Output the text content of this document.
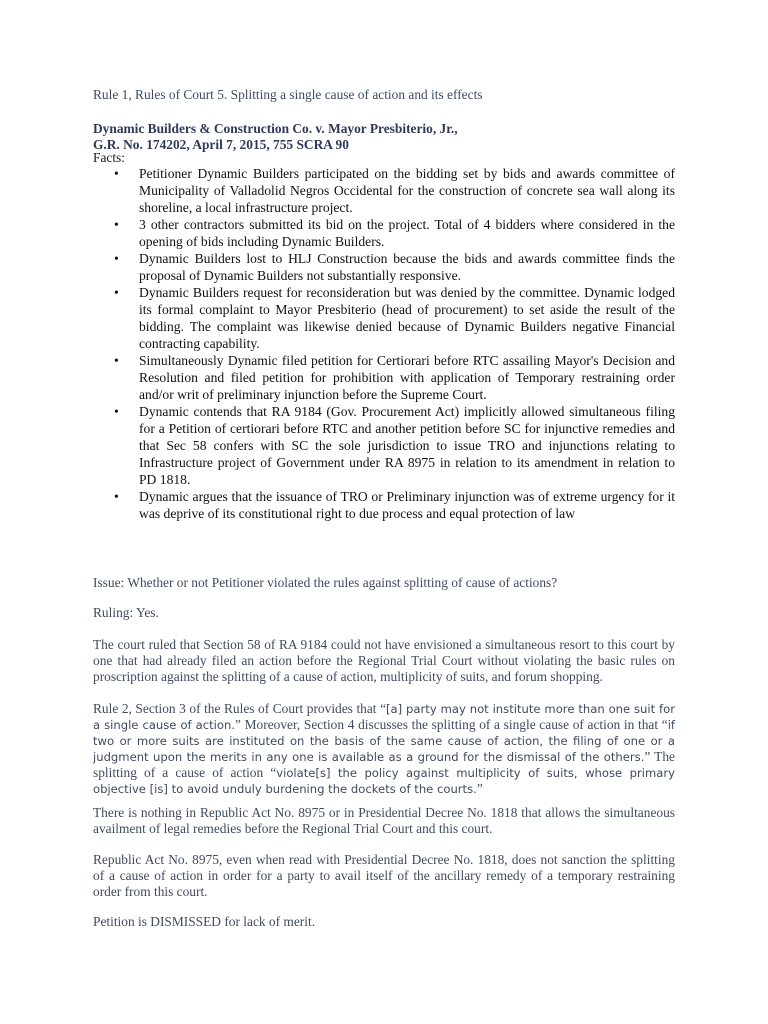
Rule 1, Rules of Court 5. Splitting a single cause of action and its effects

Dynamic Builders & Construction Co. v. Mayor Presbiterio, Jr.,
G.R. No. 174202, April 7, 2015, 755 SCRA 90

Facts:

• Petitioner Dynamic Builders participated on the bidding set by bids and awards committee of Municipality of Valladolid Negros Occidental for the construction of concrete sea wall along its shoreline, a local infrastructure project.
• 3 other contractors submitted its bid on the project. Total of 4 bidders where considered in the opening of bids including Dynamic Builders.
• Dynamic Builders lost to HLJ Construction because the bids and awards committee finds the proposal of Dynamic Builders not substantially responsive.
• Dynamic Builders request for reconsideration but was denied by the committee. Dynamic lodged its formal complaint to Mayor Presbiterio (head of procurement) to set aside the result of the bidding. The complaint was likewise denied because of Dynamic Builders negative Financial contracting capability.
• Simultaneously Dynamic filed petition for Certiorari before RTC assailing Mayor's Decision and Resolution and filed petition for prohibition with application of Temporary restraining order and/or writ of preliminary injunction before the Supreme Court.
• Dynamic contends that RA 9184 (Gov. Procurement Act) implicitly allowed simultaneous filing for a Petition of certiorari before RTC and another petition before SC for injunctive remedies and that Sec 58 confers with SC the sole jurisdiction to issue TRO and injunctions relating to Infrastructure project of Government under RA 8975 in relation to its amendment in relation to PD 1818.
• Dynamic argues that the issuance of TRO or Preliminary injunction was of extreme urgency for it was deprive of its constitutional right to due process and equal protection of law

Issue: Whether or not Petitioner violated the rules against splitting of cause of actions?

Ruling: Yes.

The court ruled that Section 58 of RA 9184 could not have envisioned a simultaneous resort to this court by one that had already filed an action before the Regional Trial Court without violating the basic rules on proscription against the splitting of a cause of action, multiplicity of suits, and forum shopping.

Rule 2, Section 3 of the Rules of Court provides that “[a] party may not institute more than one suit for a single cause of action.” Moreover, Section 4 discusses the splitting of a single cause of action in that “if two or more suits are instituted on the basis of the same cause of action, the filing of one or a judgment upon the merits in any one is available as a ground for the dismissal of the others.” The splitting of a cause of action “violate[s] the policy against multiplicity of suits, whose primary objective [is] to avoid unduly burdening the dockets of the courts.”

There is nothing in Republic Act No. 8975 or in Presidential Decree No. 1818 that allows the simultaneous availment of legal remedies before the Regional Trial Court and this court.

Republic Act No. 8975, even when read with Presidential Decree No. 1818, does not sanction the splitting of a cause of action in order for a party to avail itself of the ancillary remedy of a temporary restraining order from this court.

Petition is DISMISSED for lack of merit.
